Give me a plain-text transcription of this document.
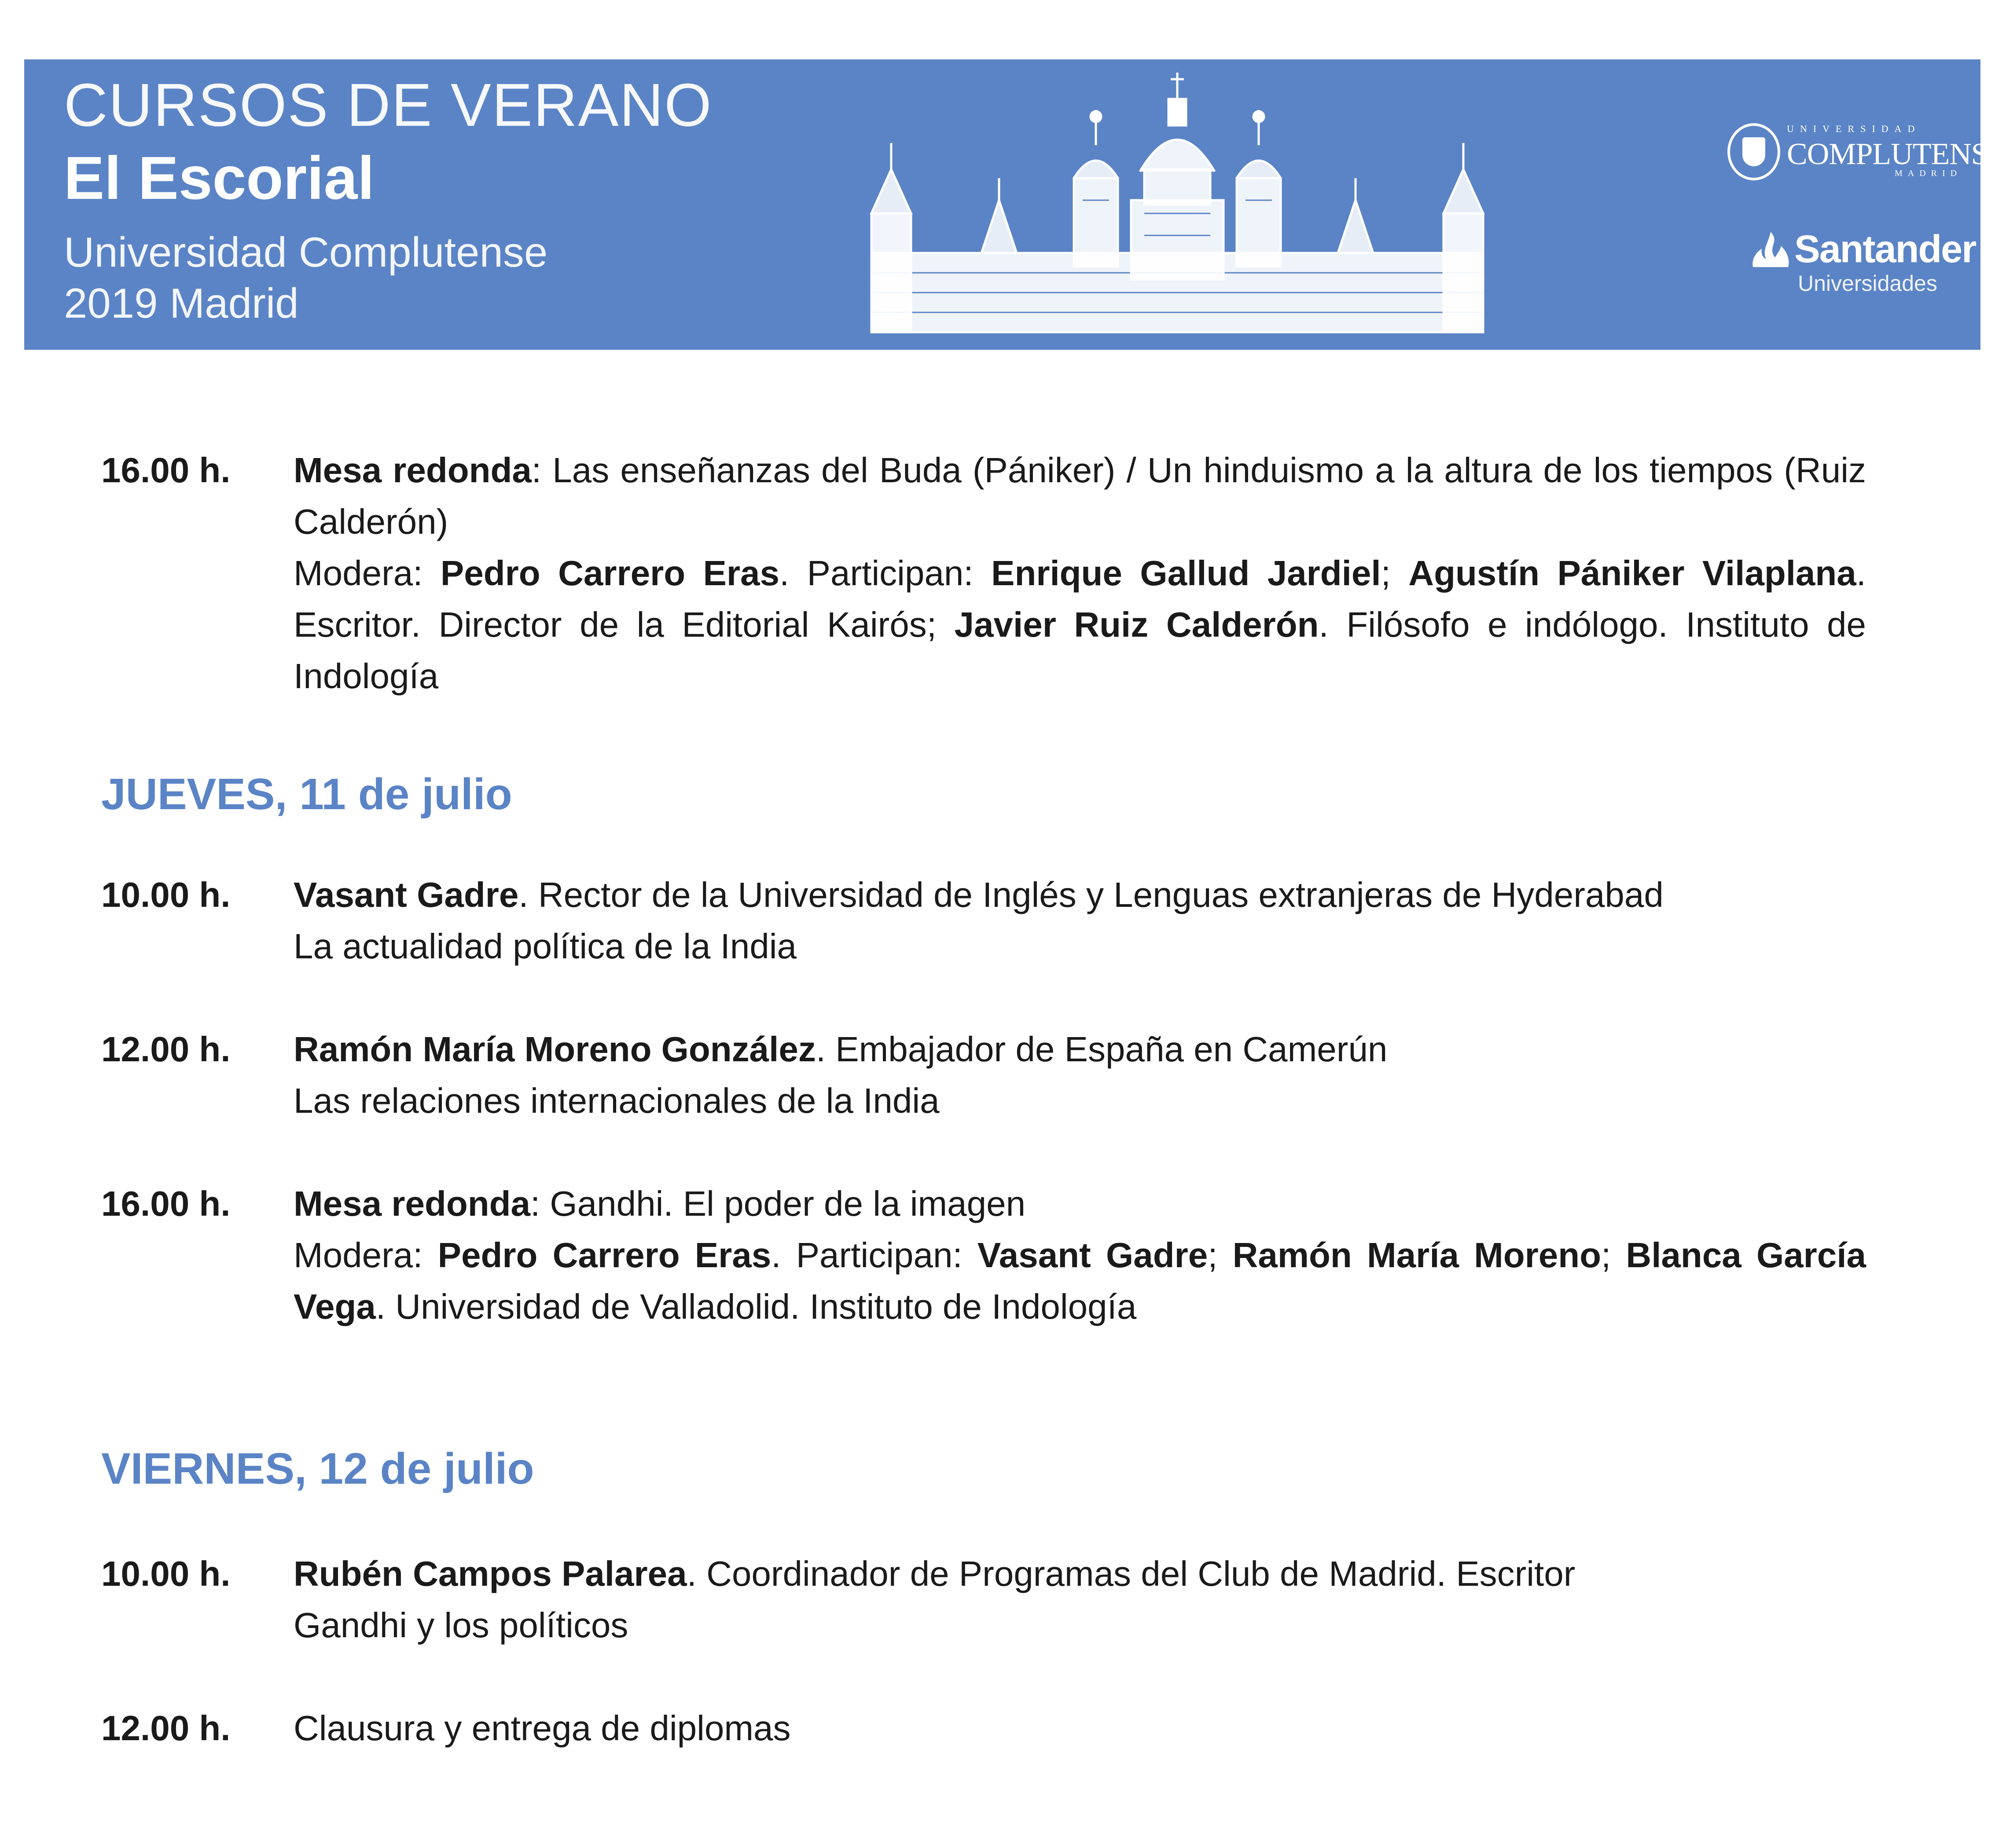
CURSOS DE VERANO
El Escorial
Universidad Complutense
2019 Madrid
UNIVERSIDAD
COMPLUTENSE
MADRID
Santander
Universidades
16.00 h. Mesa redonda: Las enseñanzas del Buda (Pániker) / Un hinduismo a la altura de los tiempos (Ruiz Calderón)

Modera: Pedro Carrero Eras. Participan: Enrique Gallud Jardiel; Agustín Pániker Vilaplana. Escritor. Director de la Editorial Kairós; Javier Ruiz Calderón. Filósofo e indólogo. Instituto de Indología

JUEVES, 11 de julio
10.00 h. Vasant Gadre. Rector de la Universidad de Inglés y Lenguas extranjeras de Hyderabad

La actualidad política de la India

12.00 h. Ramón María Moreno González. Embajador de España en Camerún

Las relaciones internacionales de la India

16.00 h. Mesa redonda: Gandhi. El poder de la imagen

Modera: Pedro Carrero Eras. Participan: Vasant Gadre; Ramón María Moreno; Blanca García Vega. Universidad de Valladolid. Instituto de Indología

VIERNES, 12 de julio
10.00 h. Rubén Campos Palarea. Coordinador de Programas del Club de Madrid. Escritor

Gandhi y los políticos

12.00 h. Clausura y entrega de diplomas
